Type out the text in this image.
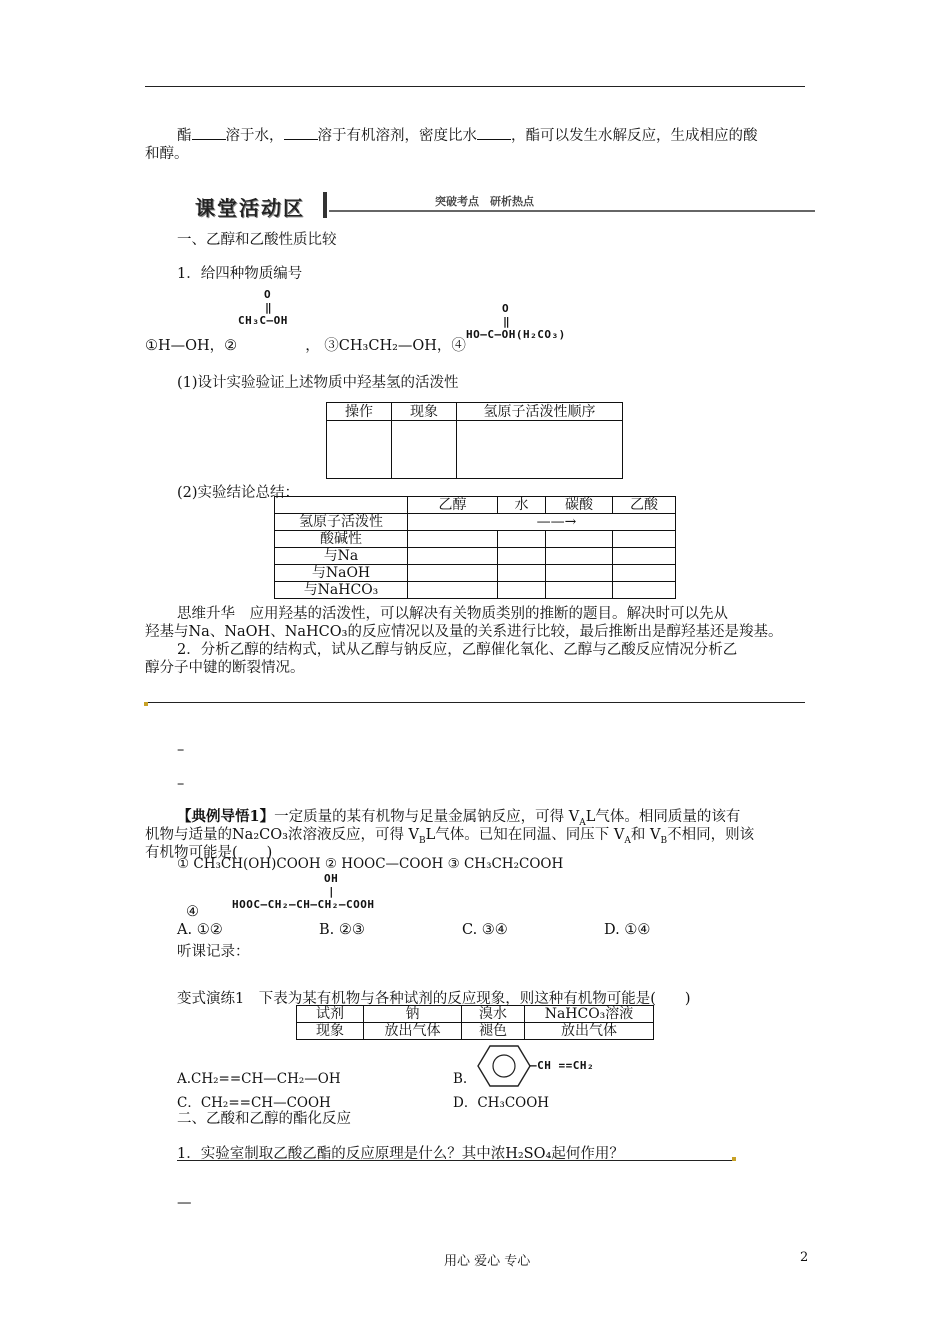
酯 溶于水， 溶于有机溶剂，密度比水 ，酯可以发生水解反应，生成相应的酸
和醇。
课堂活动区	突破考点　研析热点
一、乙醇和乙酸性质比较
1．给四种物质编号
O
‖
CH₃C—OH
O
‖
HO—C—OH(H₂CO₃)
①H—OH，②	， ③CH₃CH₂—OH，④
(1)设计实验验证上述物质中羟基氢的活泼性
操作	现象	氢原子活泼性顺序

(2)实验结论总结：
	乙醇	水	碳酸	乙酸
氢原子活泼性	——→			
酸碱性				
与Na				
与NaOH				
与NaHCO₃				
思维升华　应用羟基的活泼性，可以解决有关物质类别的推断的题目。解决时可以先从
羟基与Na、NaOH、NaHCO₃的反应情况以及量的关系进行比较，最后推断出是醇羟基还是羧基。
2．分析乙醇的结构式，试从乙醇与钠反应，乙醇催化氧化、乙醇与乙酸反应情况分析乙
醇分子中键的断裂情况。
–
–
【典例导悟1】一定质量的某有机物与足量金属钠反应，可得 $V_AL$气体。相同质量的该有
机物与适量的Na₂CO₃浓溶液反应，可得 $V_BL$气体。已知在同温、同压下 $V_A$和 $V_B$不相同，则该
有机物可能是(　　)
① CH₃CH(OH)COOH ② HOOC—COOH ③ CH₃CH₂COOH
OH
|
HOOC—CH₂—CH—CH₂—COOH
④
A. ①②	B. ②③	C. ③④	D. ①④
听课记录：
变式演练1　下表为某有机物与各种试剂的反应现象，则这种有机物可能是(　　)
试剂	钠	溴水	NaHCO₃溶液
现象	放出气体	褪色	放出气体
—CH ==CH₂
A.CH₂==CH—CH₂—OH	B.
C．CH₂==CH—COOH	D．CH₃COOH
二、乙酸和乙醇的酯化反应
1．实验室制取乙酸乙酯的反应原理是什么？其中浓H₂SO₄起何作用？
—
用心 爱心 专心	2
